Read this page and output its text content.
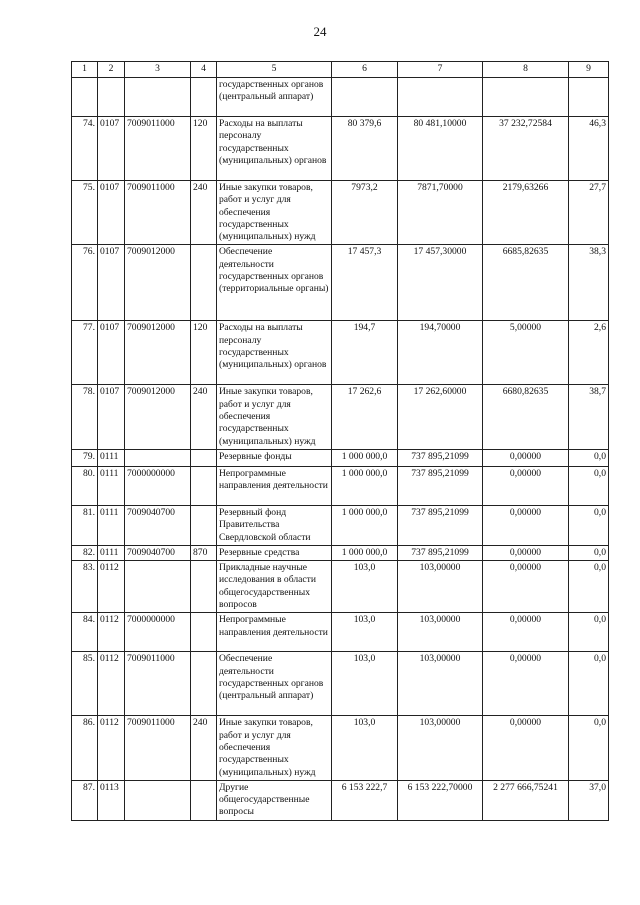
24
1	2	3	4	5	6	7	8	9
				государственных органов (центральный аппарат)				
74.	0107	7009011000	120	Расходы на выплаты персоналу государственных (муниципальных) органов	80 379,6	80 481,10000	37 232,72584	46,3
75.	0107	7009011000	240	Иные закупки товаров, работ и услуг для обеспечения государственных (муниципальных) нужд	7973,2	7871,70000	2179,63266	27,7
76.	0107	7009012000		Обеспечение деятельности государственных органов (территориальные органы)	17 457,3	17 457,30000	6685,82635	38,3
77.	0107	7009012000	120	Расходы на выплаты персоналу государственных (муниципальных) органов	194,7	194,70000	5,00000	2,6
78.	0107	7009012000	240	Иные закупки товаров, работ и услуг для обеспечения государственных (муниципальных) нужд	17 262,6	17 262,60000	6680,82635	38,7
79.	0111			Резервные фонды	1 000 000,0	737 895,21099	0,00000	0,0
80.	0111	7000000000		Непрограммные направления деятельности	1 000 000,0	737 895,21099	0,00000	0,0
81.	0111	7009040700		Резервный фонд Правительства Свердловской области	1 000 000,0	737 895,21099	0,00000	0,0
82.	0111	7009040700	870	Резервные средства	1 000 000,0	737 895,21099	0,00000	0,0
83.	0112			Прикладные научные исследования в области общегосударственных вопросов	103,0	103,00000	0,00000	0,0
84.	0112	7000000000		Непрограммные направления деятельности	103,0	103,00000	0,00000	0,0
85.	0112	7009011000		Обеспечение деятельности государственных органов (центральный аппарат)	103,0	103,00000	0,00000	0,0
86.	0112	7009011000	240	Иные закупки товаров, работ и услуг для обеспечения государственных (муниципальных) нужд	103,0	103,00000	0,00000	0,0
87.	0113			Другие общегосударственные вопросы	6 153 222,7	6 153 222,70000	2 277 666,75241	37,0
